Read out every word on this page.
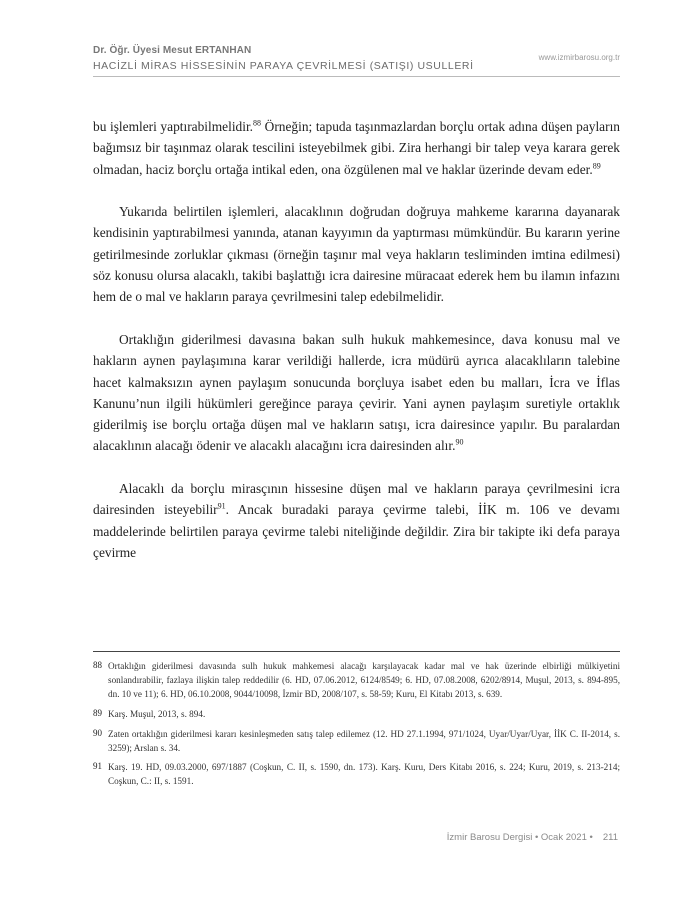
Dr. Öğr. Üyesi Mesut ERTANHAN
HACİZLİ MİRAS HİSSESİNİN PARAYA ÇEVRİLMESİ (SATIŞI) USULLERİ
www.izmirbarosu.org.tr

bu işlemleri yaptırabilmelidir.$^{88}$ Örneğin; tapuda taşınmazlardan borçlu ortak adına düşen payların bağımsız bir taşınmaz olarak tescilini isteyebilmek gibi. Zira herhangi bir talep veya karara gerek olmadan, haciz borçlu ortağa intikal eden, ona özgülenen mal ve haklar üzerinde devam eder.$^{89}$

Yukarıda belirtilen işlemleri, alacaklının doğrudan doğruya mahkeme kararına dayanarak kendisinin yaptırabilmesi yanında, atanan kayyımın da yaptırması mümkündür. Bu kararın yerine getirilmesinde zorluklar çıkması (örneğin taşınır mal veya hakların tesliminden imtina edilmesi) söz konusu olursa alacaklı, takibi başlattığı icra dairesine müracaat ederek hem bu ilamın infazını hem de o mal ve hakların paraya çevrilmesini talep edebilmelidir.

Ortaklığın giderilmesi davasına bakan sulh hukuk mahkemesince, dava konusu mal ve hakların aynen paylaşımına karar verildiği hallerde, icra müdürü ayrıca alacaklıların talebine hacet kalmaksızın aynen paylaşım sonucunda borçluya isabet eden bu malları, İcra ve İflas Kanunu’nun ilgili hükümleri gereğince paraya çevirir. Yani aynen paylaşım suretiyle ortaklık giderilmiş ise borçlu ortağa düşen mal ve hakların satışı, icra dairesince yapılır. Bu paralardan alacaklının alacağı ödenir ve alacaklı alacağını icra dairesinden alır.$^{90}$

Alacaklı da borçlu mirasçının hissesine düşen mal ve hakların paraya çevrilmesini icra dairesinden isteyebilir$^{91}$. Ancak buradaki paraya çevirme talebi, İİK m. 106 ve devamı maddelerinde belirtilen paraya çevirme talebi niteliğinde değildir. Zira bir takipte iki defa paraya çevirme

88 Ortaklığın giderilmesi davasında sulh hukuk mahkemesi alacağı karşılayacak kadar mal ve hak üzerinde elbirliği mülkiyetini sonlandırabilir, fazlaya ilişkin talep reddedilir (6. HD, 07.06.2012, 6124/8549; 6. HD, 07.08.2008, 6202/8914, Muşul, 2013, s. 894-895, dn. 10 ve 11); 6. HD, 06.10.2008, 9044/10098, İzmir BD, 2008/107, s. 58-59; Kuru, El Kitabı 2013, s. 639.
89 Karş. Muşul, 2013, s. 894.
90 Zaten ortaklığın giderilmesi kararı kesinleşmeden satış talep edilemez (12. HD 27.1.1994, 971/1024, Uyar/Uyar/Uyar, İİK C. II-2014, s. 3259); Arslan s. 34.
91 Karş. 19. HD, 09.03.2000, 697/1887 (Coşkun, C. II, s. 1590, dn. 173). Karş. Kuru, Ders Kitabı 2016, s. 224; Kuru, 2019, s. 213-214; Coşkun, C.: II, s. 1591.
İzmir Barosu Dergisi • Ocak 2021 • 211
